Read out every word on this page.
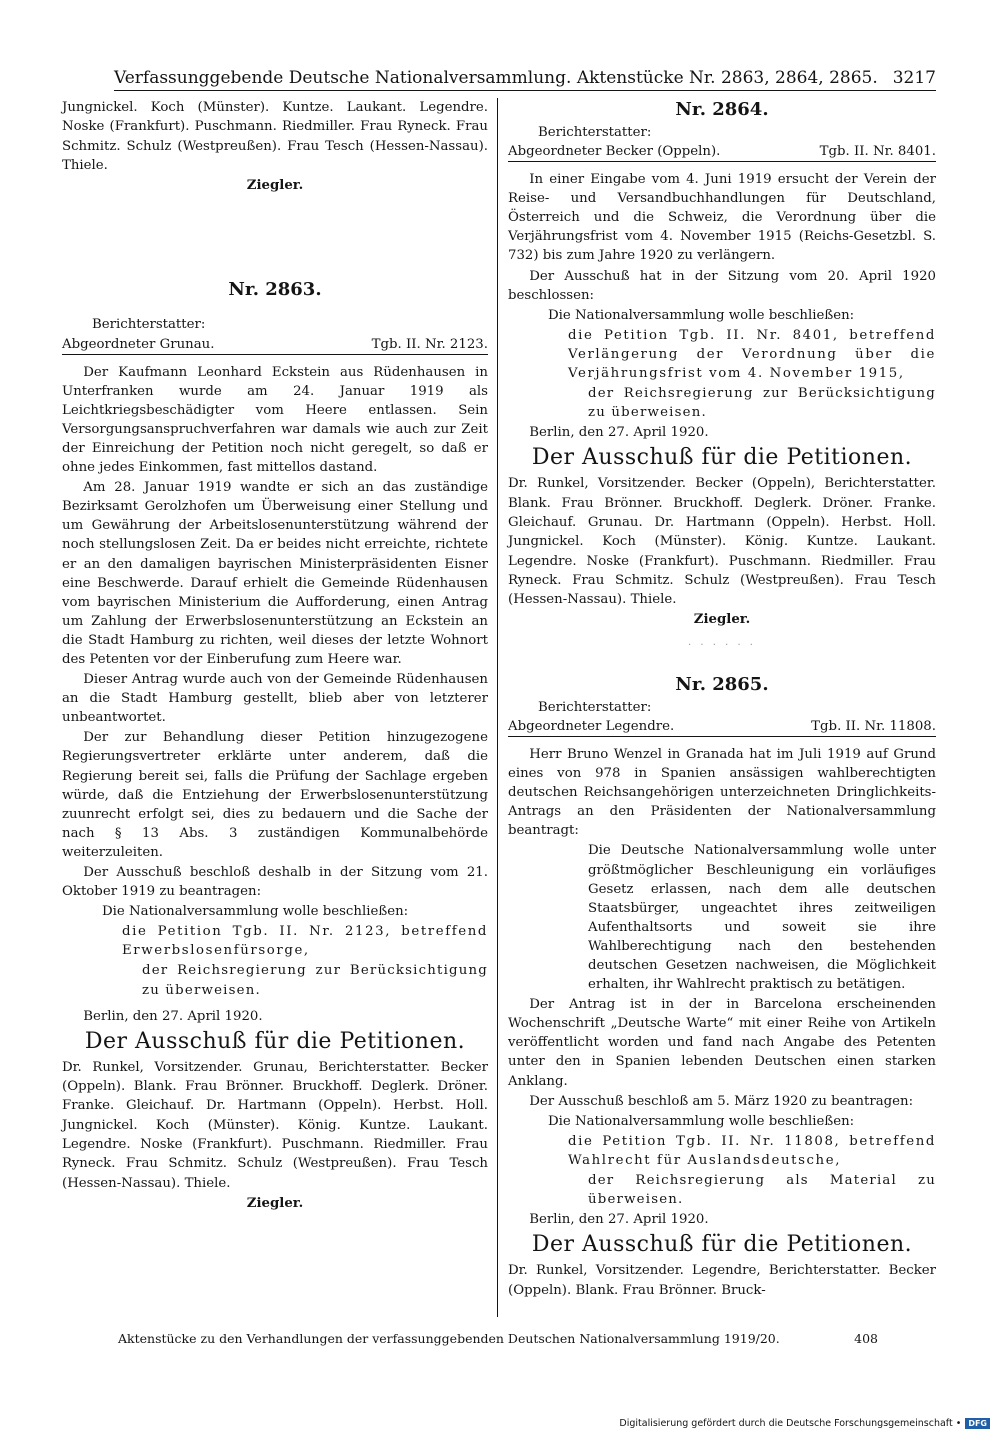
Verfassunggebende Deutsche Nationalversammlung. Aktenstücke Nr. 2863, 2864, 2865. 3217

Jungnickel. Koch (Münster). Kuntze. Laukant. Legendre. Noske (Frankfurt). Puschmann. Riedmiller. Frau Ryneck. Frau Schmitz. Schulz (Westpreußen). Frau Tesch (Hessen-Nassau). Thiele.

Ziegler.

Nr. 2863.

Berichterstatter:

Abgeordneter Grunau.	Tgb. II. Nr. 2123.

Der Kaufmann Leonhard Eckstein aus Rüdenhausen in Unterfranken wurde am 24. Januar 1919 als Leichtkriegsbeschädigter vom Heere entlassen. Sein Versorgungsanspruchverfahren war damals wie auch zur Zeit der Einreichung der Petition noch nicht geregelt, so daß er ohne jedes Einkommen, fast mittellos dastand.

Am 28. Januar 1919 wandte er sich an das zuständige Bezirksamt Gerolzhofen um Überweisung einer Stellung und um Gewährung der Arbeitslosenunterstützung während der noch stellungslosen Zeit. Da er beides nicht erreichte, richtete er an den damaligen bayrischen Ministerpräsidenten Eisner eine Beschwerde. Darauf erhielt die Gemeinde Rüdenhausen vom bayrischen Ministerium die Aufforderung, einen Antrag um Zahlung der Erwerbslosenunterstützung an Eckstein an die Stadt Hamburg zu richten, weil dieses der letzte Wohnort des Petenten vor der Einberufung zum Heere war.

Dieser Antrag wurde auch von der Gemeinde Rüdenhausen an die Stadt Hamburg gestellt, blieb aber von letzterer unbeantwortet.

Der zur Behandlung dieser Petition hinzugezogene Regierungsvertreter erklärte unter anderem, daß die Regierung bereit sei, falls die Prüfung der Sachlage ergeben würde, daß die Entziehung der Erwerbslosenunterstützung zuunrecht erfolgt sei, dies zu bedauern und die Sache der nach § 13 Abs. 3 zuständigen Kommunalbehörde weiterzuleiten.

Der Ausschuß beschloß deshalb in der Sitzung vom 21. Oktober 1919 zu beantragen:

Die Nationalversammlung wolle beschließen:

die Petition Tgb. II. Nr. 2123, betreffend Erwerbslosenfürsorge,

der Reichsregierung zur Berücksichtigung zu überweisen.

Berlin, den 27. April 1920.

Der Ausschuß für die Petitionen.

Dr. Runkel, Vorsitzender. Grunau, Berichterstatter. Becker (Oppeln). Blank. Frau Brönner. Bruckhoff. Deglerk. Dröner. Franke. Gleichauf. Dr. Hartmann (Oppeln). Herbst. Holl. Jungnickel. Koch (Münster). König. Kuntze. Laukant. Legendre. Noske (Frankfurt). Puschmann. Riedmiller. Frau Ryneck. Frau Schmitz. Schulz (Westpreußen). Frau Tesch (Hessen-Nassau). Thiele.

Ziegler.

Nr. 2864.

Berichterstatter:

Abgeordneter Becker (Oppeln).	Tgb. II. Nr. 8401.

In einer Eingabe vom 4. Juni 1919 ersucht der Verein der Reise- und Versandbuchhandlungen für Deutschland, Österreich und die Schweiz, die Verordnung über die Verjährungsfrist vom 4. November 1915 (Reichs-Gesetzbl. S. 732) bis zum Jahre 1920 zu verlängern.

Der Ausschuß hat in der Sitzung vom 20. April 1920 beschlossen:

Die Nationalversammlung wolle beschließen:

die Petition Tgb. II. Nr. 8401, betreffend Verlängerung der Verordnung über die Verjährungsfrist vom 4. November 1915,

der Reichsregierung zur Berücksichtigung zu überweisen.

Berlin, den 27. April 1920.

Der Ausschuß für die Petitionen.

Dr. Runkel, Vorsitzender. Becker (Oppeln), Berichterstatter. Blank. Frau Brönner. Bruckhoff. Deglerk. Dröner. Franke. Gleichauf. Grunau. Dr. Hartmann (Oppeln). Herbst. Holl. Jungnickel. Koch (Münster). König. Kuntze. Laukant. Legendre. Noske (Frankfurt). Puschmann. Riedmiller. Frau Ryneck. Frau Schmitz. Schulz (Westpreußen). Frau Tesch (Hessen-Nassau). Thiele.

Ziegler.

· · · · · ·

Nr. 2865.

Berichterstatter:

Abgeordneter Legendre.	Tgb. II. Nr. 11808.

Herr Bruno Wenzel in Granada hat im Juli 1919 auf Grund eines von 978 in Spanien ansässigen wahlberechtigten deutschen Reichsangehörigen unterzeichneten Dringlichkeits-Antrags an den Präsidenten der Nationalversammlung beantragt:

Die Deutsche Nationalversammlung wolle unter größtmöglicher Beschleunigung ein vorläufiges Gesetz erlassen, nach dem alle deutschen Staatsbürger, ungeachtet ihres zeitweiligen Aufenthaltsorts und soweit sie ihre Wahlberechtigung nach den bestehenden deutschen Gesetzen nachweisen, die Möglichkeit erhalten, ihr Wahlrecht praktisch zu betätigen.

Der Antrag ist in der in Barcelona erscheinenden Wochenschrift „Deutsche Warte“ mit einer Reihe von Artikeln veröffentlicht worden und fand nach Angabe des Petenten unter den in Spanien lebenden Deutschen einen starken Anklang.

Der Ausschuß beschloß am 5. März 1920 zu beantragen:

Die Nationalversammlung wolle beschließen:

die Petition Tgb. II. Nr. 11808, betreffend Wahlrecht für Auslandsdeutsche,

der Reichsregierung als Material zu überweisen.

Berlin, den 27. April 1920.

Der Ausschuß für die Petitionen.

Dr. Runkel, Vorsitzender. Legendre, Berichterstatter. Becker (Oppeln). Blank. Frau Brönner. Bruck-

Aktenstücke zu den Verhandlungen der verfassunggebenden Deutschen Nationalversammlung 1919/20.	408
Digitalisierung gefördert durch die Deutsche Forschungsgemeinschaft • DFG
